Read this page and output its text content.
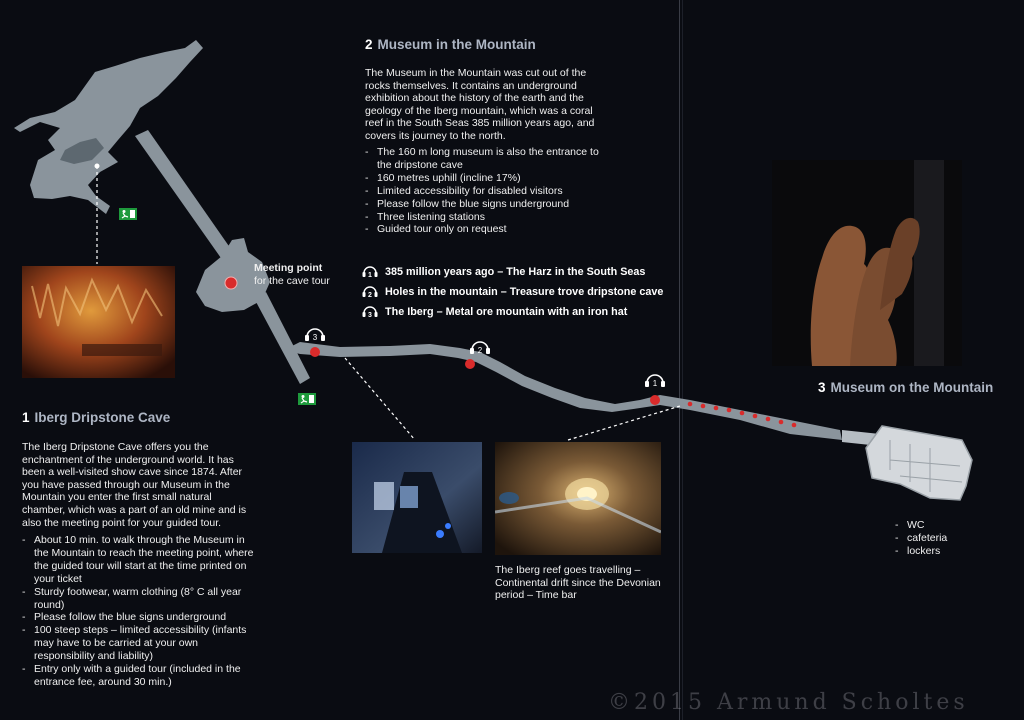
3
2
1
1 Iberg Dripstone Cave
The Iberg Dripstone Cave offers you the enchantment of the underground world. It has been a well-visited show cave since 1874. After you have passed through our Museum in the Mountain you enter the first small natural chamber, which was a part of an old mine and is also the meeting point for your guided tour.
- About 10 min. to walk through the Museum in the Mountain to reach the meeting point, where the guided tour will start at the time printed on your ticket
- Sturdy footwear, warm clothing (8° C all year round)
- Please follow the blue signs underground
- 100 steep steps – limited accessibility (infants may have to be carried at your own responsibility and liability)
- Entry only with a guided tour (included in the entrance fee, around 30 min.)
2 Museum in the Mountain
The Museum in the Mountain was cut out of the rocks themselves. It contains an underground exhibition about the history of the earth and the geology of the Iberg mountain, which was a coral reef in the South Seas 385 million years ago, and covers its journey to the north.
- The 160 m long museum is also the entrance to the dripstone cave
- 160 metres uphill (incline 17%)
- Limited accessibility for disabled visitors
- Please follow the blue signs underground
- Three listening stations
- Guided tour only on request
1 385 million years ago – The Harz in the South Seas
2 Holes in the mountain – Treasure trove dripstone cave
3 The Iberg – Metal ore mountain with an iron hat
Meeting point
for the cave tour
The Iberg reef goes travelling – Continental drift since the Devonian period – Time bar
3 Museum on the Mountain
- WC
- cafeteria
- lockers
©2015 Armund Scholtes
